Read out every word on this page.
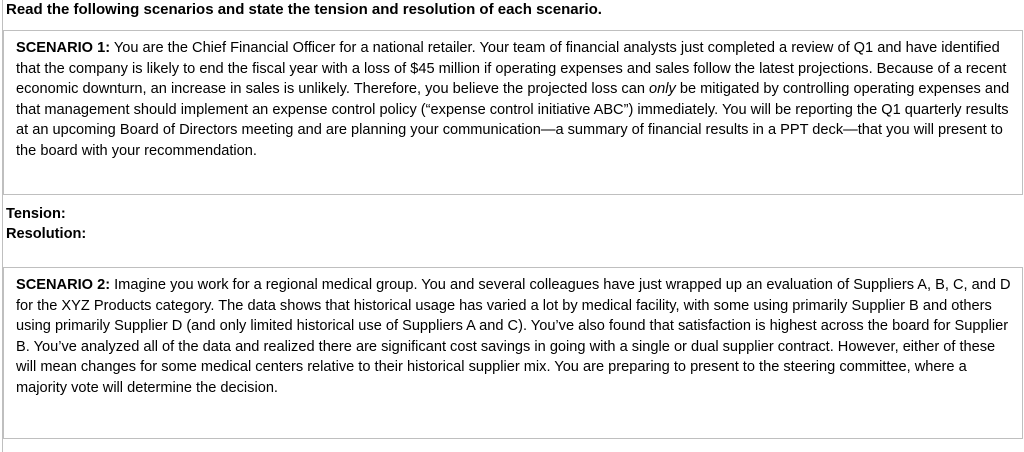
Read the following scenarios and state the tension and resolution of each scenario.
SCENARIO 1: You are the Chief Financial Officer for a national retailer. Your team of financial analysts just completed a review of Q1 and have identified that the company is likely to end the fiscal year with a loss of $45 million if operating expenses and sales follow the latest projections. Because of a recent economic downturn, an increase in sales is unlikely. Therefore, you believe the projected loss can only be mitigated by controlling operating expenses and that management should implement an expense control policy (“expense control initiative ABC”) immediately. You will be reporting the Q1 quarterly results at an upcoming Board of Directors meeting and are planning your communication—a summary of financial results in a PPT deck—that you will present to the board with your recommendation.
Tension:
Resolution:
SCENARIO 2: Imagine you work for a regional medical group. You and several colleagues have just wrapped up an evaluation of Suppliers A, B, C, and D for the XYZ Products category. The data shows that historical usage has varied a lot by medical facility, with some using primarily Supplier B and others using primarily Supplier D (and only limited historical use of Suppliers A and C). You’ve also found that satisfaction is highest across the board for Supplier B. You’ve analyzed all of the data and realized there are significant cost savings in going with a single or dual supplier contract. However, either of these will mean changes for some medical centers relative to their historical supplier mix. You are preparing to present to the steering committee, where a majority vote will determine the decision.
